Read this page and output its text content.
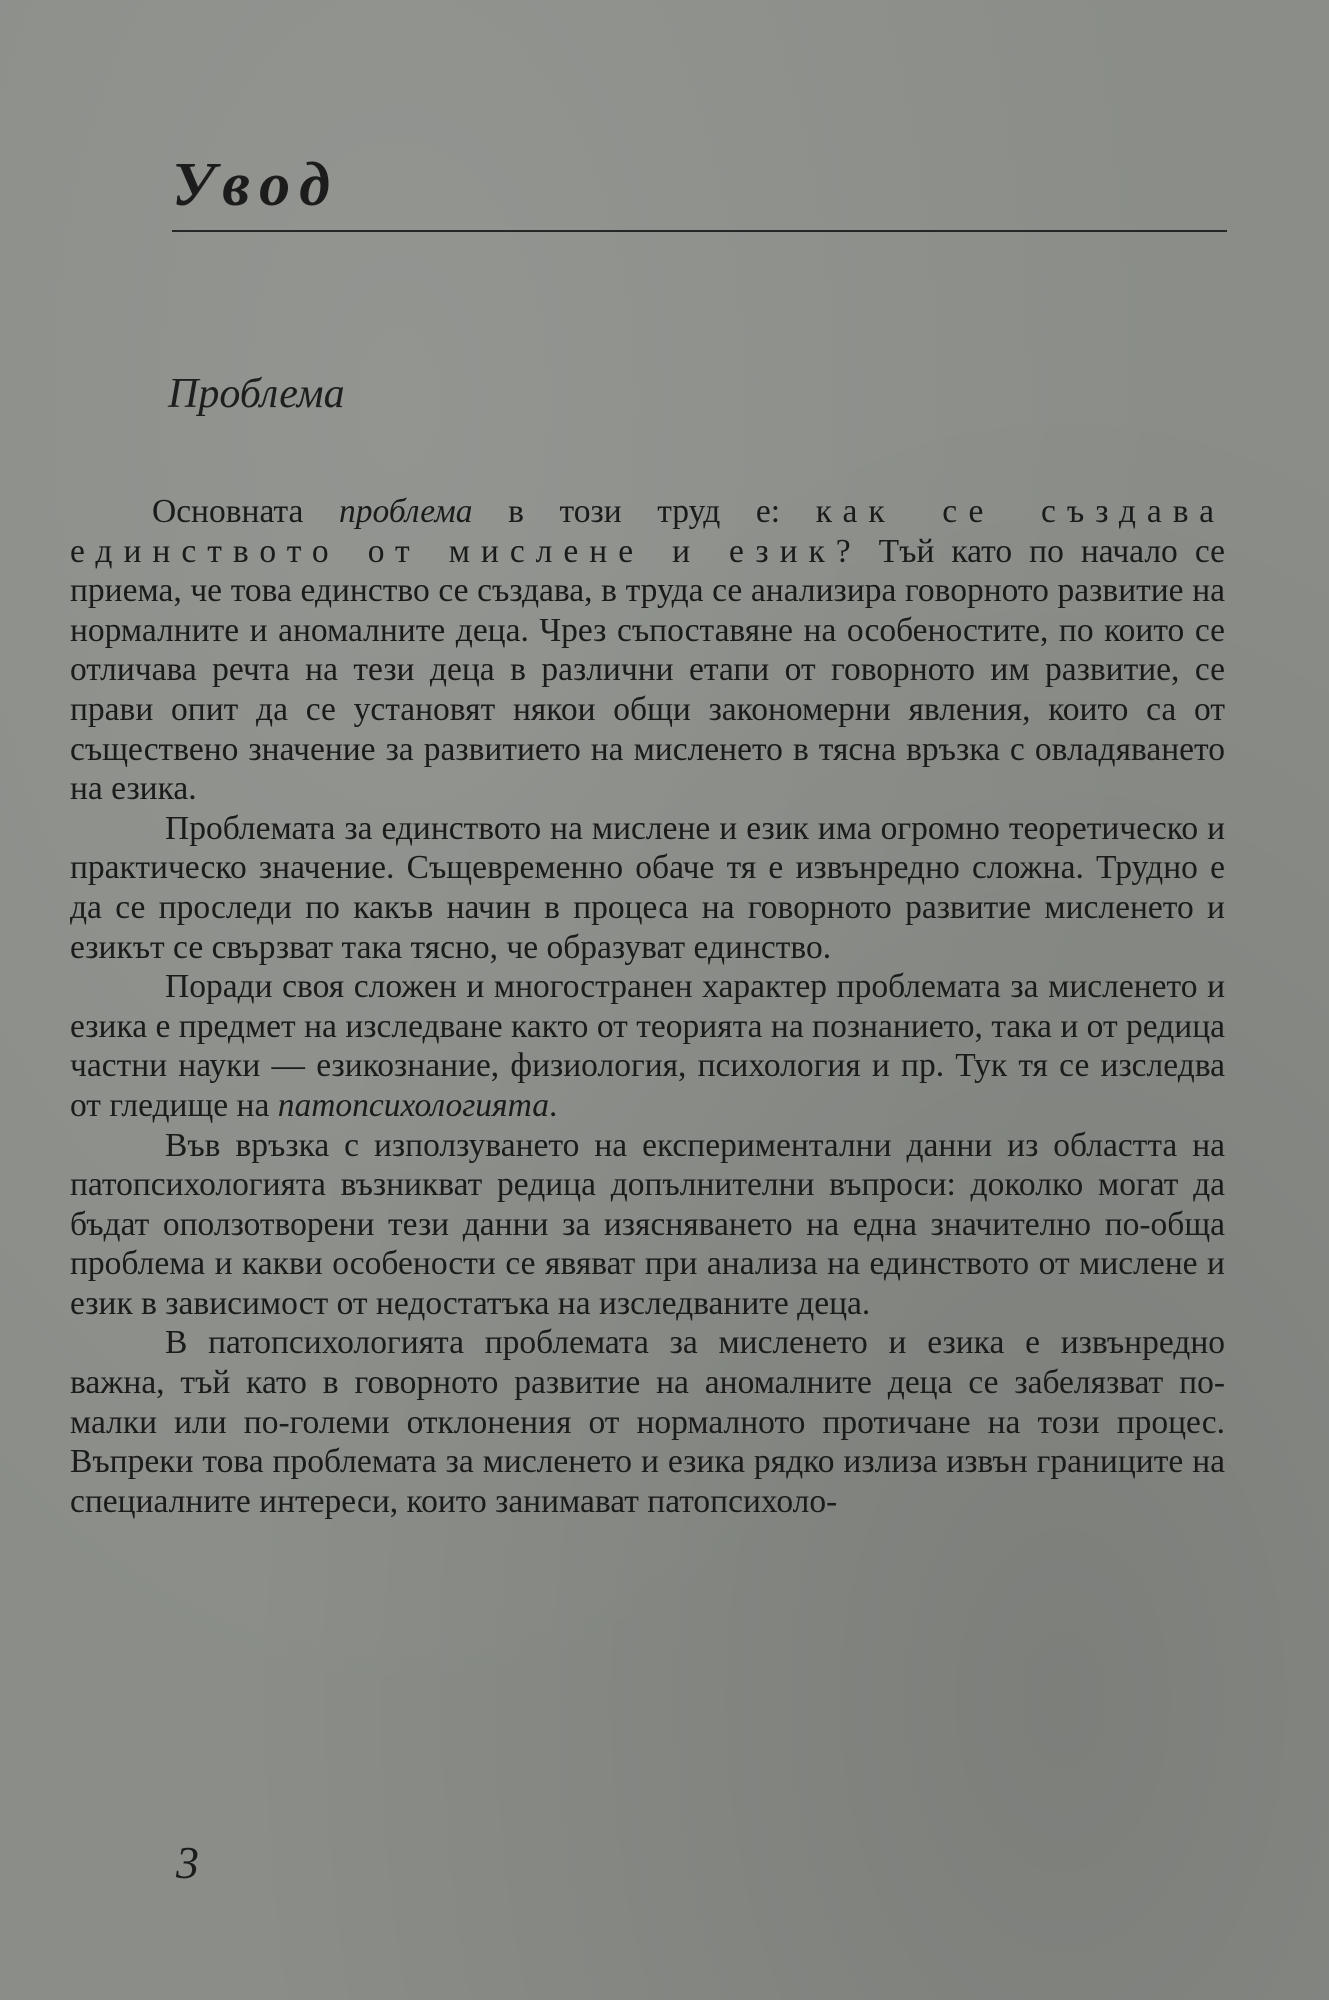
Увод
Проблема

Основната проблема в този труд е: как се създава единството от мислене и език? Тъй като по начало се приема, че това единство се създава, в труда се анализира говорното развитие на нормалните и аномалните деца. Чрез съпоставяне на особеностите, по които се отличава речта на тези деца в различни етапи от говорното им развитие, се прави опит да се установят някои общи закономерни явления, които са от съществено значение за развитието на мисленето в тясна връзка с овладяването на езика.

Проблемата за единството на мислене и език има огромно теоретическо и практическо значение. Същевременно обаче тя е извънредно сложна. Трудно е да се проследи по какъв начин в процеса на говорното развитие мисленето и езикът се свързват така тясно, че образуват единство.

Поради своя сложен и многостранен характер проблемата за мисленето и езика е предмет на изследване както от теорията на познанието, така и от редица частни науки — езикознание, физиология, психология и пр. Тук тя се изследва от гледище на патопсихологията.

Във връзка с използуването на експериментални данни из областта на патопсихологията възникват редица допълнителни въпроси: доколко могат да бъдат оползотворени тези данни за изясняването на една значително по-обща проблема и какви особености се явяват при анализа на единството от мислене и език в зависимост от недостатъка на изследваните деца.

В патопсихологията проблемата за мисленето и езика е извънредно важна, тъй като в говорното развитие на аномалните деца се забелязват по-малки или по-големи отклонения от нормалното протичане на този процес. Въпреки това проблемата за мисленето и езика рядко излиза извън границите на специалните интереси, които занимават патопсихоло-

3
